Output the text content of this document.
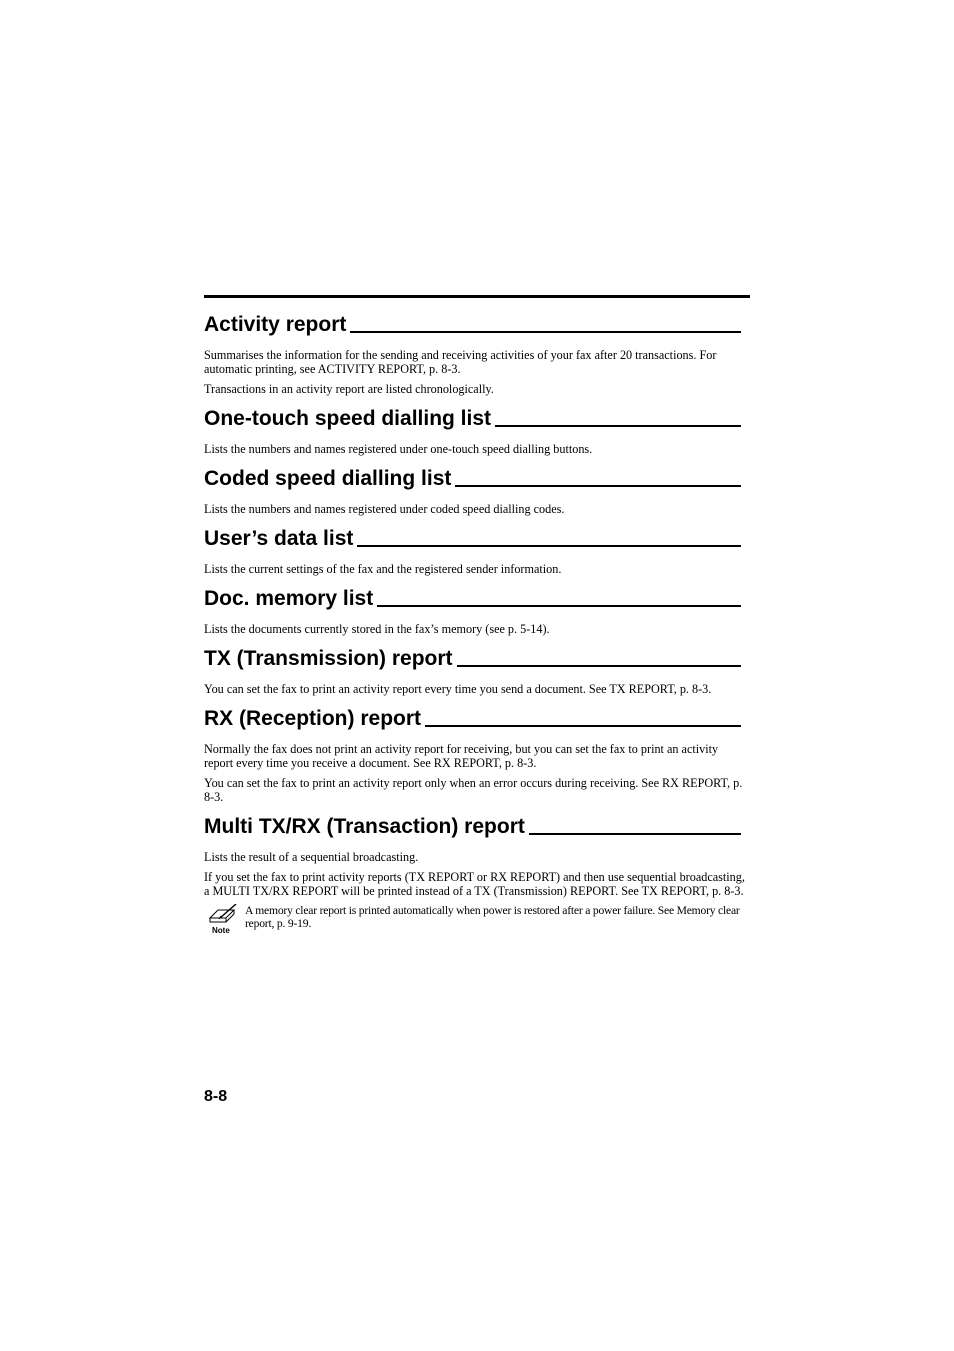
Activity report

Summarises the information for the sending and receiving activities of your fax after 20 transactions. For automatic printing, see ACTIVITY REPORT, p. 8-3.

Transactions in an activity report are listed chronologically.

One-touch speed dialling list

Lists the numbers and names registered under one-touch speed dialling buttons.

Coded speed dialling list

Lists the numbers and names registered under coded speed dialling codes.

User’s data list

Lists the current settings of the fax and the registered sender information.

Doc. memory list

Lists the documents currently stored in the fax’s memory (see p. 5-14).

TX (Transmission) report

You can set the fax to print an activity report every time you send a document. See TX REPORT, p. 8-3.

RX (Reception) report

Normally the fax does not print an activity report for receiving, but you can set the fax to print an activity report every time you receive a document. See RX REPORT, p. 8-3.

You can set the fax to print an activity report only when an error occurs during receiving. See RX REPORT, p. 8-3.

Multi TX/RX (Transaction) report

Lists the result of a sequential broadcasting.

If you set the fax to print activity reports (TX REPORT or RX REPORT) and then use sequential broadcasting, a MULTI TX/RX REPORT will be printed instead of a TX (Transmission) REPORT. See TX REPORT, p. 8-3.

Note
A memory clear report is printed automatically when power is restored after a power failure. See Memory clear report, p. 9-19.
8-8
